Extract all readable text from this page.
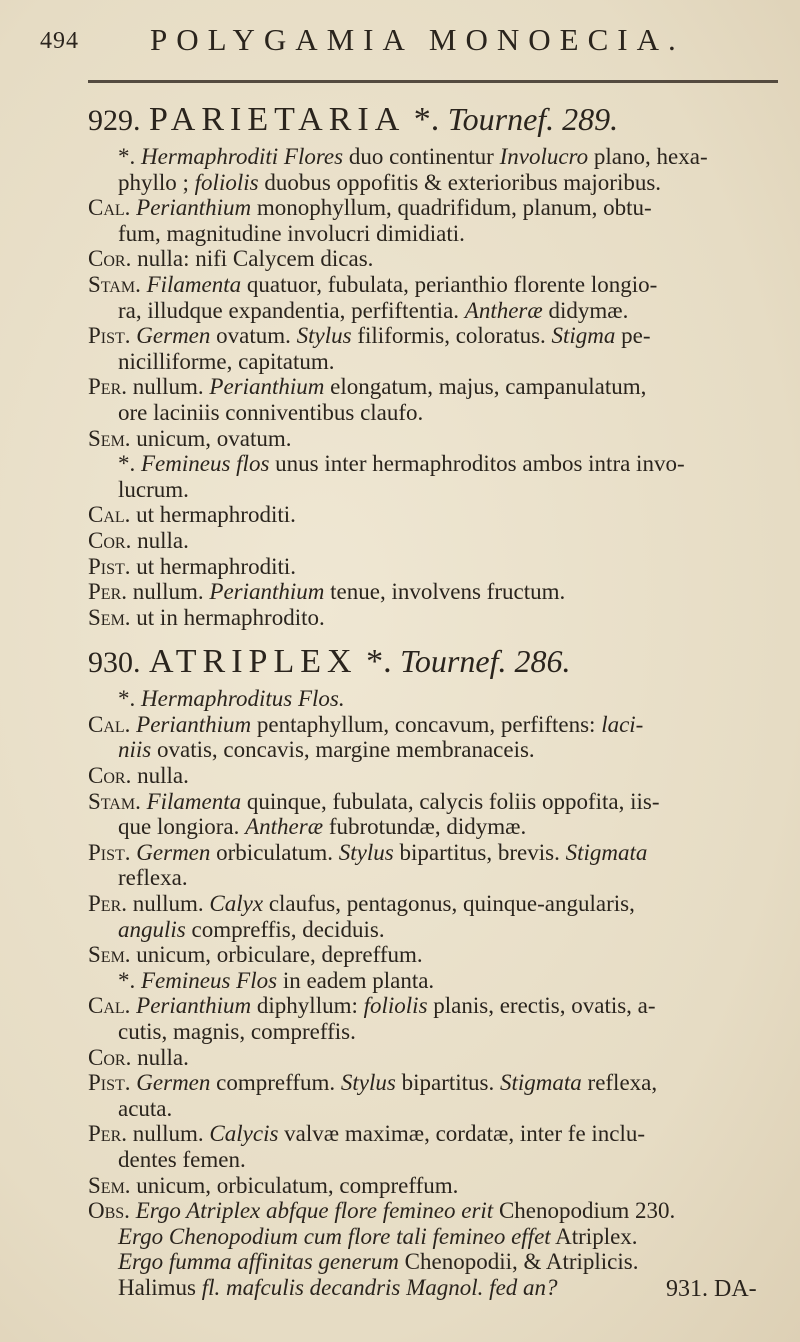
494 POLYGAMIA MONOECIA.
929. PARIETARIA *. Tournef. 289.
*. Hermaphroditi Flores duo continentur Involucro plano, hexa-
phyllo ; foliolis duobus oppofitis & exterioribus majoribus.
Cal. Perianthium monophyllum, quadrifidum, planum, obtu-
fum, magnitudine involucri dimidiati.
Cor. nulla: nifi Calycem dicas.
Stam. Filamenta quatuor, fubulata, perianthio florente longio-
ra, illudque expandentia, perfiftentia. Antheræ didymæ.
Pist. Germen ovatum. Stylus filiformis, coloratus. Stigma pe-
nicilliforme, capitatum.
Per. nullum. Perianthium elongatum, majus, campanulatum,
ore laciniis conniventibus claufo.
Sem. unicum, ovatum.
*. Femineus flos unus inter hermaphroditos ambos intra invo-
lucrum.
Cal. ut hermaphroditi.
Cor. nulla.
Pist. ut hermaphroditi.
Per. nullum. Perianthium tenue, involvens fructum.
Sem. ut in hermaphrodito.
930. ATRIPLEX *. Tournef. 286.
*. Hermaphroditus Flos.
Cal. Perianthium pentaphyllum, concavum, perfiftens: laci-
niis ovatis, concavis, margine membranaceis.
Cor. nulla.
Stam. Filamenta quinque, fubulata, calycis foliis oppofita, iis-
que longiora. Antheræ fubrotundæ, didymæ.
Pist. Germen orbiculatum. Stylus bipartitus, brevis. Stigmata
reflexa.
Per. nullum. Calyx claufus, pentagonus, quinque-angularis,
angulis compreffis, deciduis.
Sem. unicum, orbiculare, depreffum.
*. Femineus Flos in eadem planta.
Cal. Perianthium diphyllum: foliolis planis, erectis, ovatis, a-
cutis, magnis, compreffis.
Cor. nulla.
Pist. Germen compreffum. Stylus bipartitus. Stigmata reflexa,
acuta.
Per. nullum. Calycis valvæ maximæ, cordatæ, inter fe inclu-
dentes femen.
Sem. unicum, orbiculatum, compreffum.
Obs. Ergo Atriplex abfque flore femineo erit Chenopodium 230.
Ergo Chenopodium cum flore tali femineo effet Atriplex.
Ergo fumma affinitas generum Chenopodii, & Atriplicis.
Halimus fl. mafculis decandris Magnol. fed an?	931. DA-
